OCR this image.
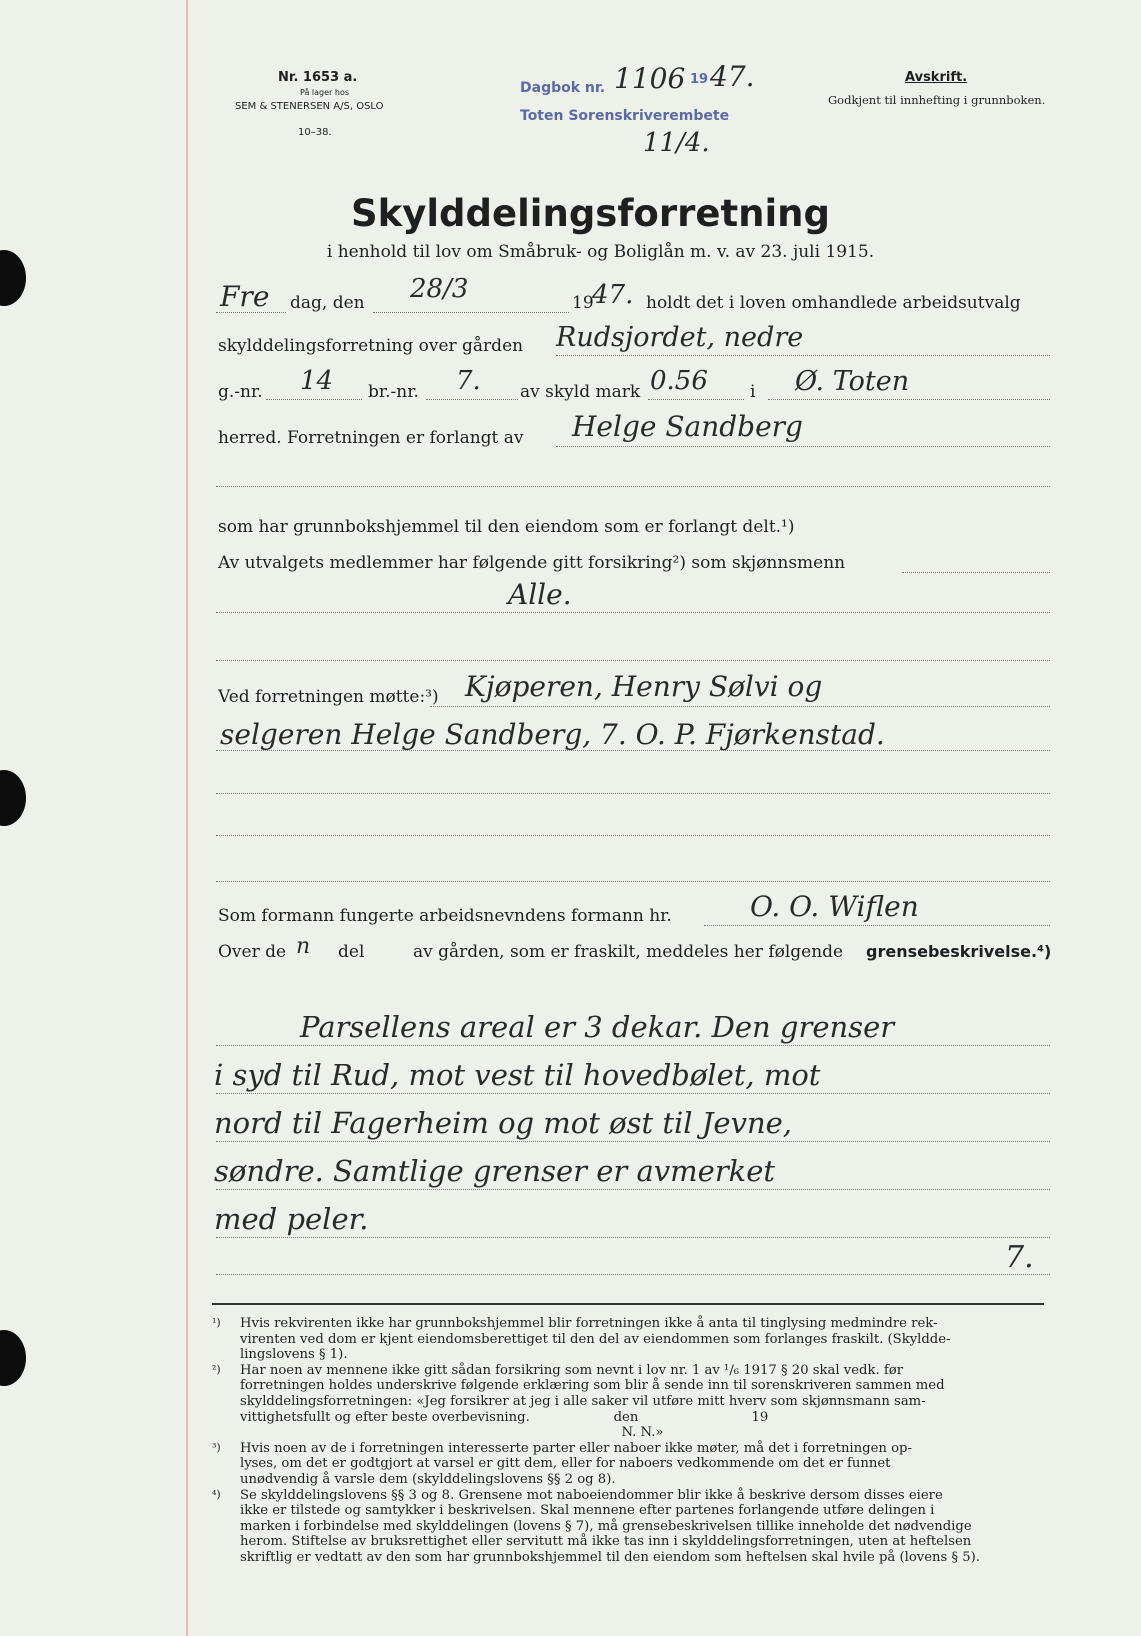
Nr. 1653 a.
På lager hos
SEM & STENERSEN A/S, OSLO
10–38.
Dagbok nr. 1106 19 47.
Toten Sorenskriverembete
11/4.
Avskrift.
Godkjent til innhefting i grunnboken.
Skylddelingsforretning
i henhold til lov om Småbruk- og Boliglån m. v. av 23. juli 1915.
Fre dag, den 28/3	19
47. holdt det i loven omhandlede arbeidsutvalg
skylddelingsforretning over gården Rudsjordet, nedre
g.-nr. 14 br.-nr. 7. av skyld mark 0.56 i Ø. Toten
herred. Forretningen er forlangt av Helge Sandberg
som har grunnbokshjemmel til den eiendom som er forlangt delt.¹)
Av utvalgets medlemmer har følgende gitt forsikring²) som skjønnsmenn
Alle.
Ved forretningen møtte:³) Kjøperen, Henry Sølvi og
selgeren Helge Sandberg, 7. O. P. Fjørkenstad.
Som formann fungerte arbeidsnevndens formann hr.	O. O. Wiflen
Over de n del	av gården, som er fraskilt, meddeles her følgende grensebeskrivelse.⁴)
Parsellens areal er 3 dekar. Den grenser
i syd til Rud, mot vest til hovedbølet, mot
nord til Fagerheim og mot øst til Jevne,
søndre. Samtlige grenser er avmerket
med peler.
7.
¹)	Hvis rekvirenten ikke har grunnbokshjemmel blir forretningen ikke å anta til tinglysing medmindre rek-
virenten ved dom er kjent eiendomsberettiget til den del av eiendommen som forlanges fraskilt. (Skyldde-
lingslovens § 1).
²)	Har noen av mennene ikke gitt sådan forsikring som nevnt i lov nr. 1 av ¹/₆ 1917 § 20 skal vedk. før
forretningen holdes underskrive følgende erklæring som blir å sende inn til sorenskriveren sammen med
skylddelingsforretningen: «Jeg forsikrer at jeg i alle saker vil utføre mitt hverv som skjønnsmann sam-
vittighetsfullt og efter beste overbevisning.                    den                           19
N. N.»
³)	Hvis noen av de i forretningen interesserte parter eller naboer ikke møter, må det i forretningen op-
lyses, om det er godtgjort at varsel er gitt dem, eller for naboers vedkommende om det er funnet
unødvendig å varsle dem (skylddelingslovens §§ 2 og 8).
⁴)	Se skylddelingslovens §§ 3 og 8. Grensene mot naboeiendommer blir ikke å beskrive dersom disses eiere
ikke er tilstede og samtykker i beskrivelsen. Skal mennene efter partenes forlangende utføre delingen i
marken i forbindelse med skylddelingen (lovens § 7), må grensebeskrivelsen tillike inneholde det nødvendige
herom. Stiftelse av bruksrettighet eller servitutt må ikke tas inn i skylddelingsforretningen, uten at heftelsen
skriftlig er vedtatt av den som har grunnbokshjemmel til den eiendom som heftelsen skal hvile på (lovens § 5).
